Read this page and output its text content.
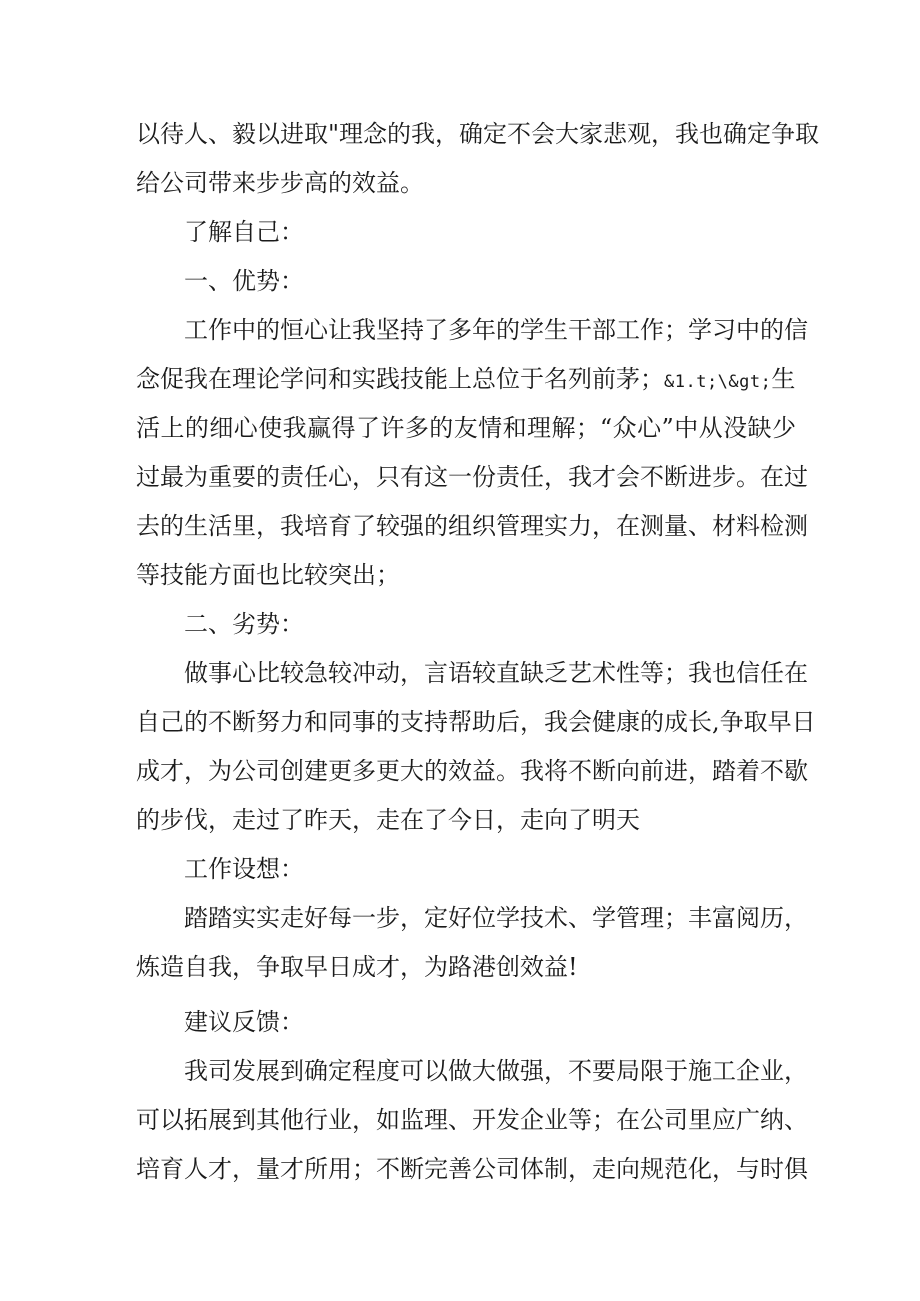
以待人、毅以进取"理念的我，确定不会大家悲观，我也确定争取
给公司带来步步高的效益。
了解自己：
一、优势：
工作中的恒心让我坚持了多年的学生干部工作；学习中的信
念促我在理论学问和实践技能上总位于名列前茅；&1.t;\&gt;生
活上的细心使我赢得了许多的友情和理解；“众心”中从没缺少
过最为重要的责任心，只有这一份责任，我才会不断进步。在过
去的生活里，我培育了较强的组织管理实力，在测量、材料检测
等技能方面也比较突出；
二、劣势：
做事心比较急较冲动，言语较直缺乏艺术性等；我也信任在
自己的不断努力和同事的支持帮助后，我会健康的成长,争取早日
成才，为公司创建更多更大的效益。我将不断向前进，踏着不歇
的步伐，走过了昨天，走在了今日，走向了明天
工作设想：
踏踏实实走好每一步，定好位学技术、学管理；丰富阅历，
炼造自我，争取早日成才，为路港创效益!
建议反馈：
我司发展到确定程度可以做大做强，不要局限于施工企业，
可以拓展到其他行业，如监理、开发企业等；在公司里应广纳、
培育人才，量才所用；不断完善公司体制，走向规范化，与时俱
